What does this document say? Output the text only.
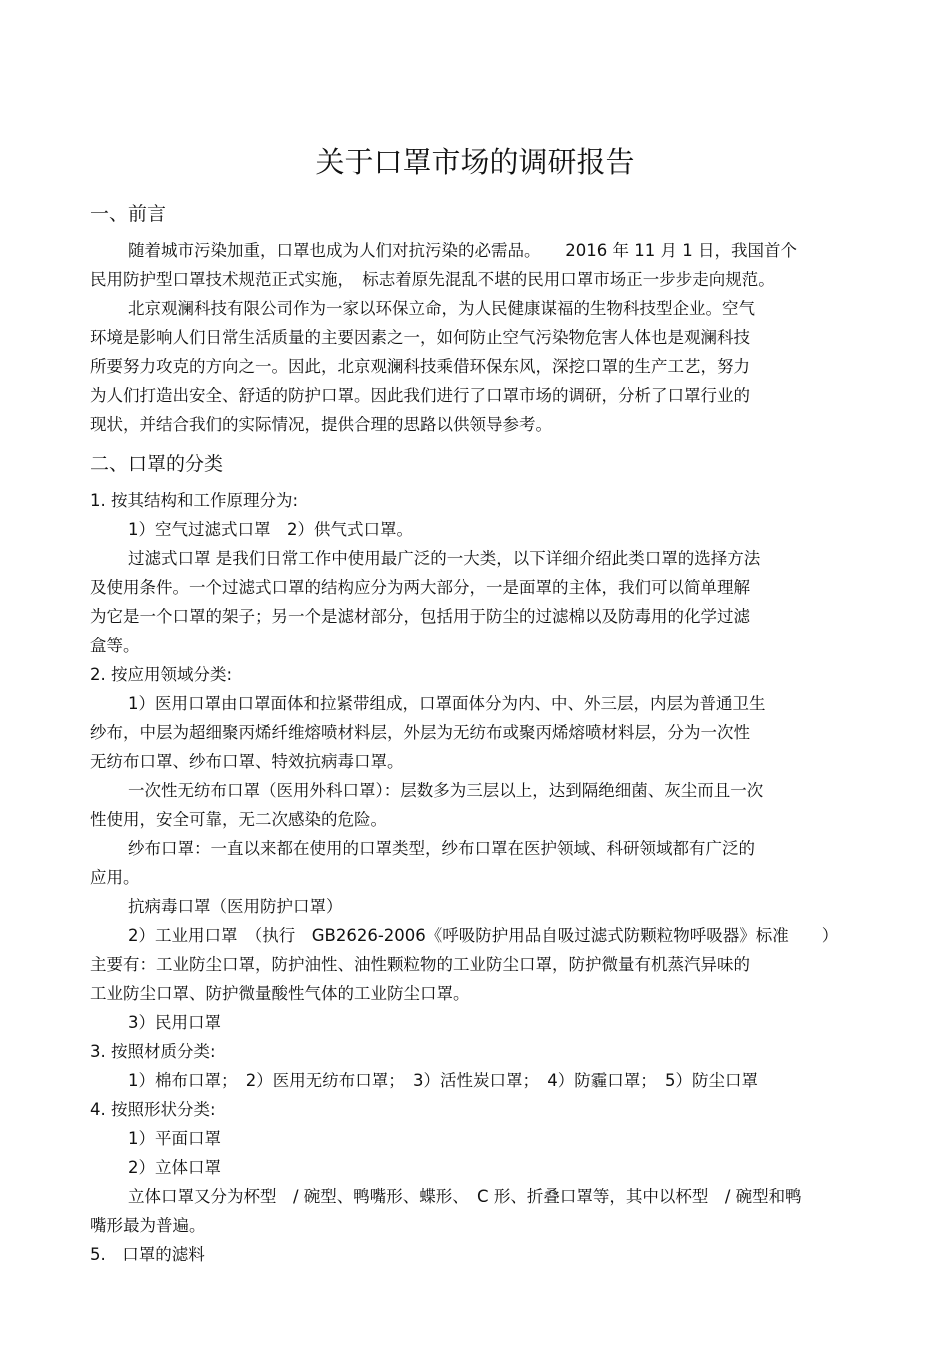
关于口罩市场的调研报告
一、前言
随着城市污染加重，口罩也成为人们对抗污染的必需品。　　2016 年 11 月 1 日，我国首个
民用防护型口罩技术规范正式实施，　标志着原先混乱不堪的民用口罩市场正一步步走向规范。
北京观澜科技有限公司作为一家以环保立命，为人民健康谋福的生物科技型企业。空气
环境是影响人们日常生活质量的主要因素之一，如何防止空气污染物危害人体也是观澜科技
所要努力攻克的方向之一。因此，北京观澜科技乘借环保东风，深挖口罩的生产工艺，努力
为人们打造出安全、舒适的防护口罩。因此我们进行了口罩市场的调研，分析了口罩行业的
现状，并结合我们的实际情况，提供合理的思路以供领导参考。
二、口罩的分类
1. 按其结构和工作原理分为:
1）空气过滤式口罩　2）供气式口罩。
过滤式口罩 是我们日常工作中使用最广泛的一大类，以下详细介绍此类口罩的选择方法
及使用条件。一个过滤式口罩的结构应分为两大部分，一是面罩的主体，我们可以简单理解
为它是一个口罩的架子；另一个是滤材部分，包括用于防尘的过滤棉以及防毒用的化学过滤
盒等。
2. 按应用领域分类:
1）医用口罩由口罩面体和拉紧带组成，口罩面体分为内、中、外三层，内层为普通卫生
纱布，中层为超细聚丙烯纤维熔喷材料层，外层为无纺布或聚丙烯熔喷材料层，分为一次性
无纺布口罩、纱布口罩、特效抗病毒口罩。
一次性无纺布口罩（医用外科口罩）：层数多为三层以上，达到隔绝细菌、灰尘而且一次
性使用，安全可靠，无二次感染的危险。
纱布口罩：一直以来都在使用的口罩类型，纱布口罩在医护领域、科研领域都有广泛的
应用。
抗病毒口罩（医用防护口罩）
2）工业用口罩　（执行　GB2626-2006《呼吸防护用品自吸过滤式防颗粒物呼吸器》标准　　）
主要有：工业防尘口罩，防护油性、油性颗粒物的工业防尘口罩，防护微量有机蒸汽异味的
工业防尘口罩、防护微量酸性气体的工业防尘口罩。
3）民用口罩
3. 按照材质分类:
1）棉布口罩；　2）医用无纺布口罩；　3）活性炭口罩；　4）防霾口罩；　5）防尘口罩
4. 按照形状分类:
1）平面口罩
2）立体口罩
立体口罩又分为杯型　/ 碗型、鸭嘴形、蝶形、　C 形、折叠口罩等，其中以杯型　/ 碗型和鸭
嘴形最为普遍。
5.　口罩的滤料
